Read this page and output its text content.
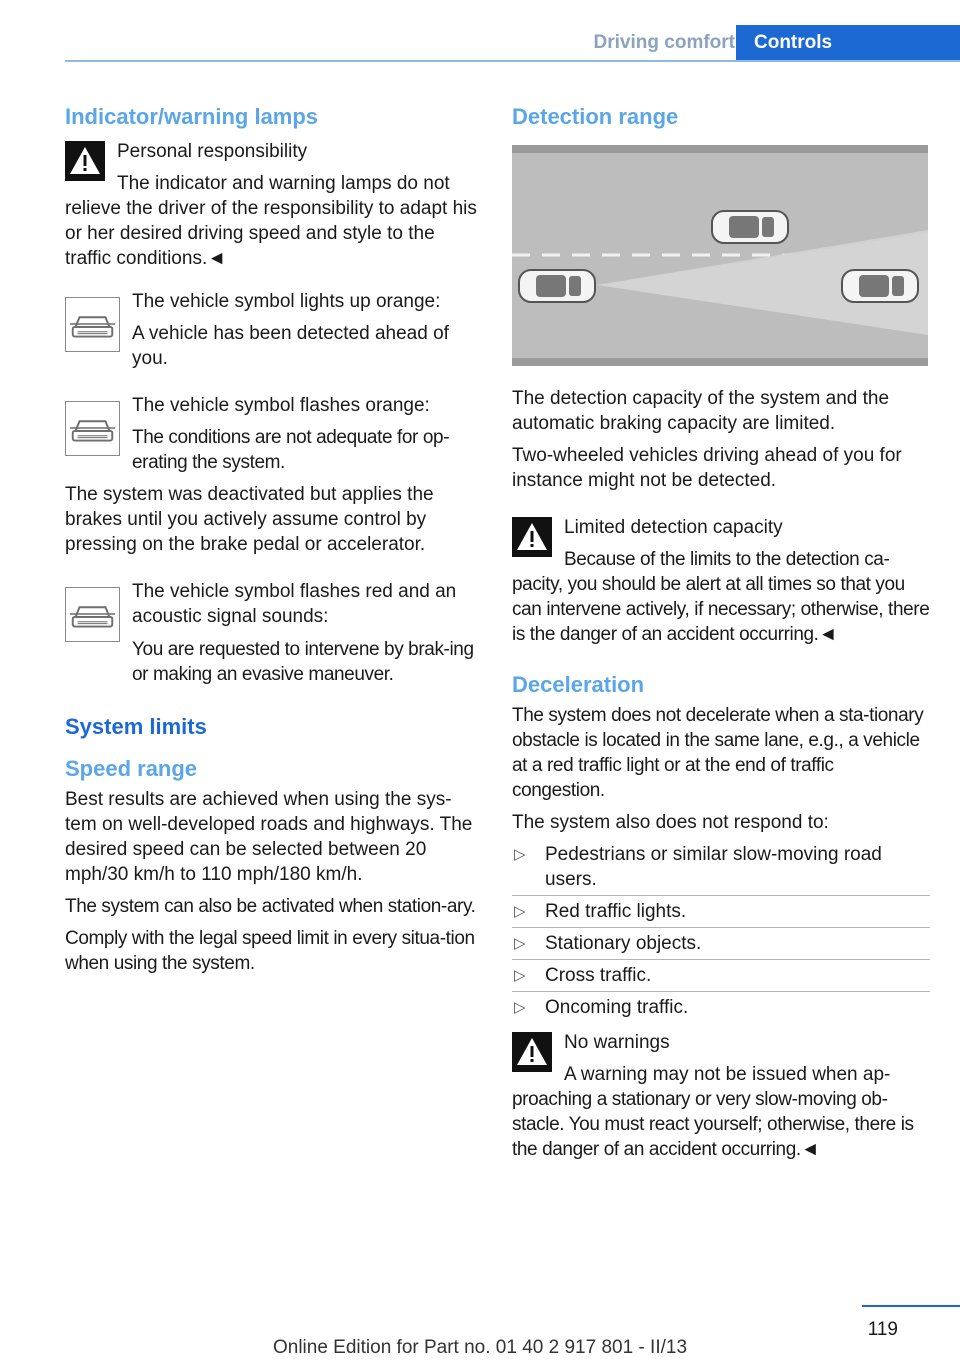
Driving comfort	Controls
Indicator/warning lamps

Personal responsibility

The indicator and warning lamps do not

relieve the driver of the responsibility to adapt his or her desired driving speed and style to the traffic conditions.◄

The vehicle symbol lights up orange:

A vehicle has been detected ahead of you.

The vehicle symbol flashes orange:

The conditions are not adequate for op-erating the system.

The system was deactivated but applies the brakes until you actively assume control by pressing on the brake pedal or accelerator.

The vehicle symbol flashes red and an acoustic signal sounds:

You are requested to intervene by brak-ing or making an evasive maneuver.

System limits
Speed range

Best results are achieved when using the sys-tem on well-developed roads and highways. The desired speed can be selected between 20 mph/30 km/h to 110 mph/180 km/h.

The system can also be activated when station-ary.

Comply with the legal speed limit in every situa-tion when using the system.

Detection range

The detection capacity of the system and the automatic braking capacity are limited.

Two-wheeled vehicles driving ahead of you for instance might not be detected.

Limited detection capacity

Because of the limits to the detection ca-

pacity, you should be alert at all times so that you can intervene actively, if necessary; otherwise, there is the danger of an accident occurring.◄

Deceleration

The system does not decelerate when a sta-tionary obstacle is located in the same lane, e.g., a vehicle at a red traffic light or at the end of traffic congestion.

The system also does not respond to:

▷ Pedestrians or similar slow-moving road users.
▷ Red traffic lights.
▷ Stationary objects.
▷ Cross traffic.
▷ Oncoming traffic.

No warnings

A warning may not be issued when ap-

proaching a stationary or very slow-moving ob-stacle. You must react yourself; otherwise, there is the danger of an accident occurring.◄

119
Online Edition for Part no. 01 40 2 917 801 - II/13
